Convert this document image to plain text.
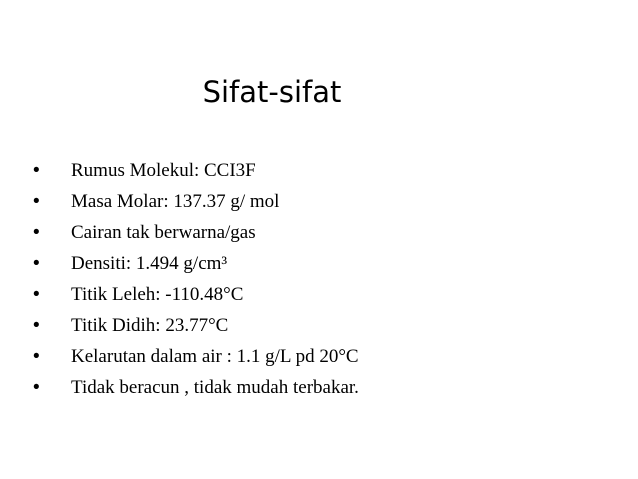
Sifat-sifat
•	Rumus Molekul: CCI3F
•	Masa Molar: 137.37 g/ mol
•	Cairan tak berwarna/gas
•	Densiti: 1.494 g/cm³
•	Titik Leleh: -110.48°C
•	Titik Didih: 23.77°C
•	Kelarutan dalam air : 1.1 g/L pd 20°C
•	Tidak beracun , tidak mudah terbakar.
